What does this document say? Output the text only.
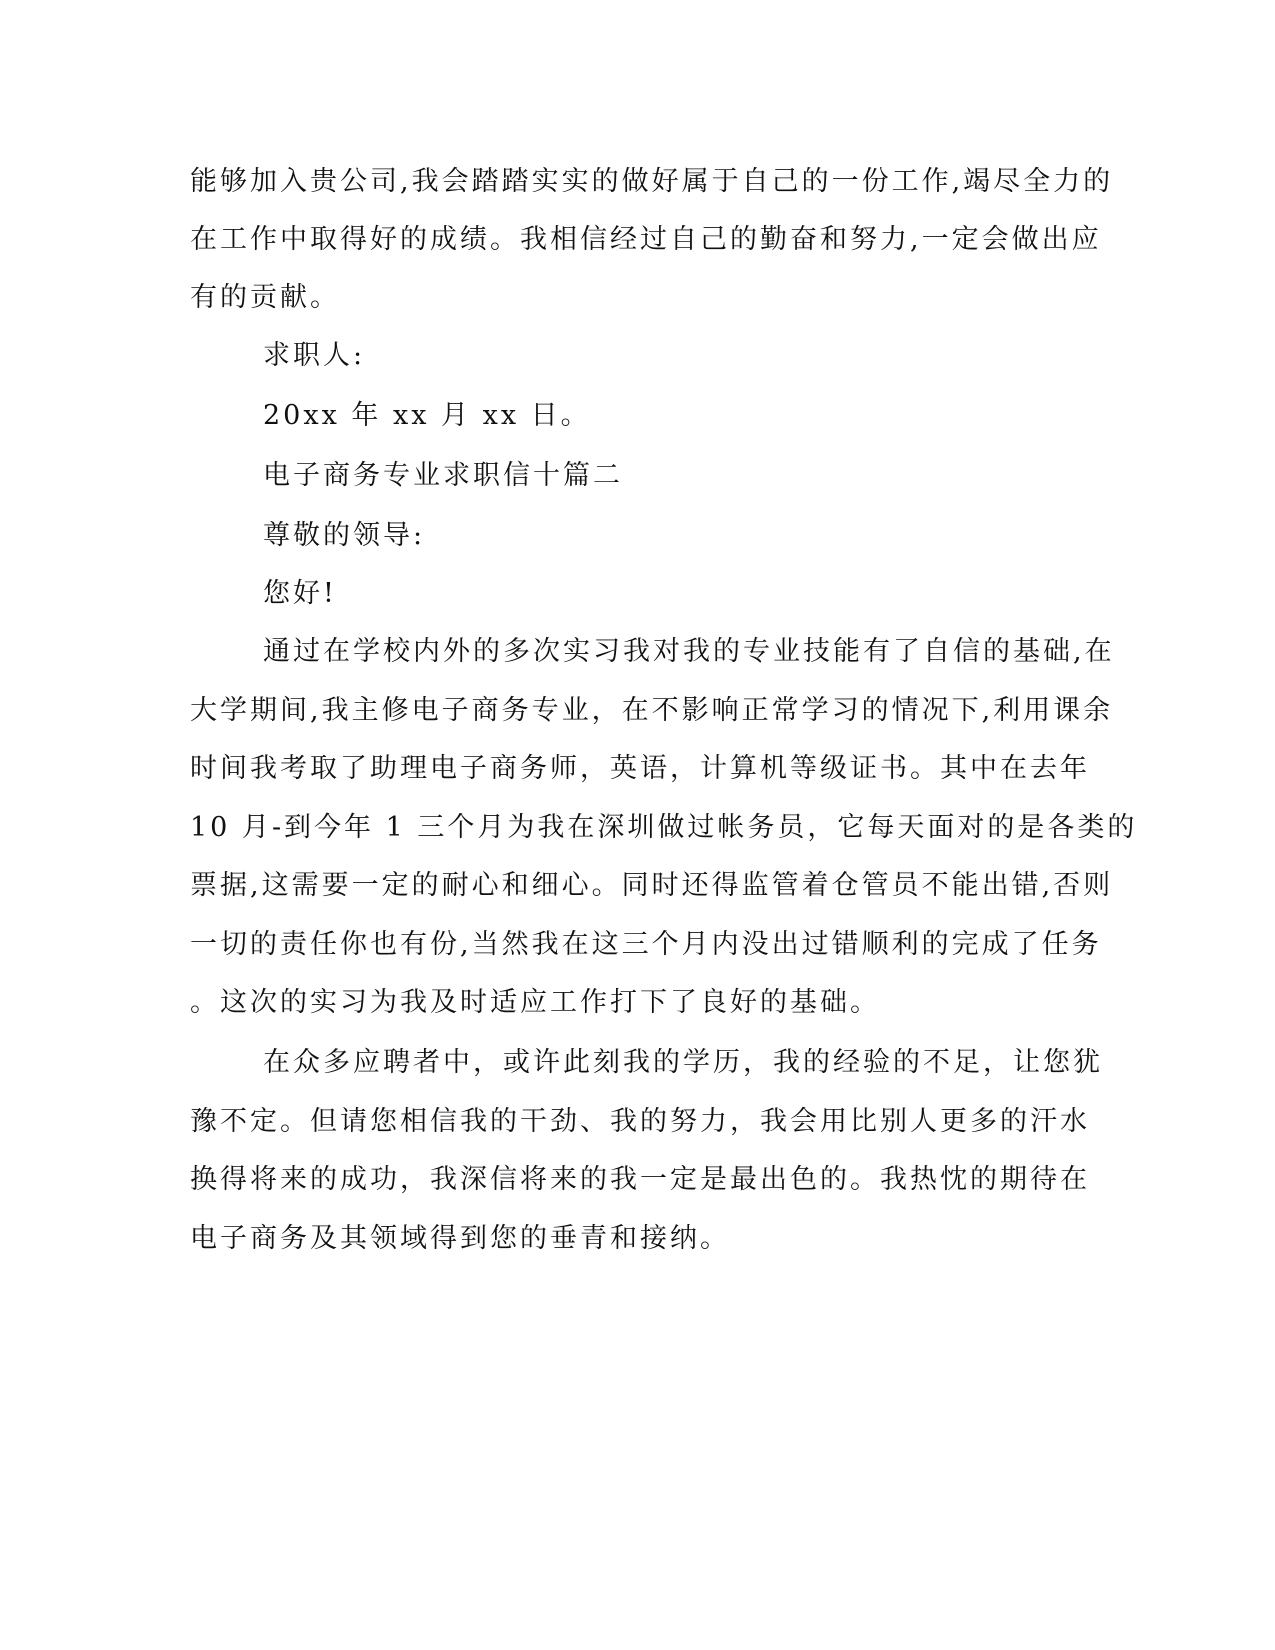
能够加入贵公司,我会踏踏实实的做好属于自己的一份工作,竭尽全力的
在工作中取得好的成绩。我相信经过自己的勤奋和努力,一定会做出应
有的贡献。
求职人:
20xx 年 xx 月 xx 日。
电子商务专业求职信十篇二
尊敬的领导:
您好!
通过在学校内外的多次实习我对我的专业技能有了自信的基础,在
大学期间,我主修电子商务专业，在不影响正常学习的情况下,利用课余
时间我考取了助理电子商务师，英语，计算机等级证书。其中在去年
10 月-到今年 1 三个月为我在深圳做过帐务员，它每天面对的是各类的
票据,这需要一定的耐心和细心。同时还得监管着仓管员不能出错,否则
一切的责任你也有份,当然我在这三个月内没出过错顺利的完成了任务
。这次的实习为我及时适应工作打下了良好的基础。
在众多应聘者中，或许此刻我的学历，我的经验的不足，让您犹
豫不定。但请您相信我的干劲、我的努力，我会用比别人更多的汗水
换得将来的成功，我深信将来的我一定是最出色的。我热忱的期待在
电子商务及其领域得到您的垂青和接纳。
